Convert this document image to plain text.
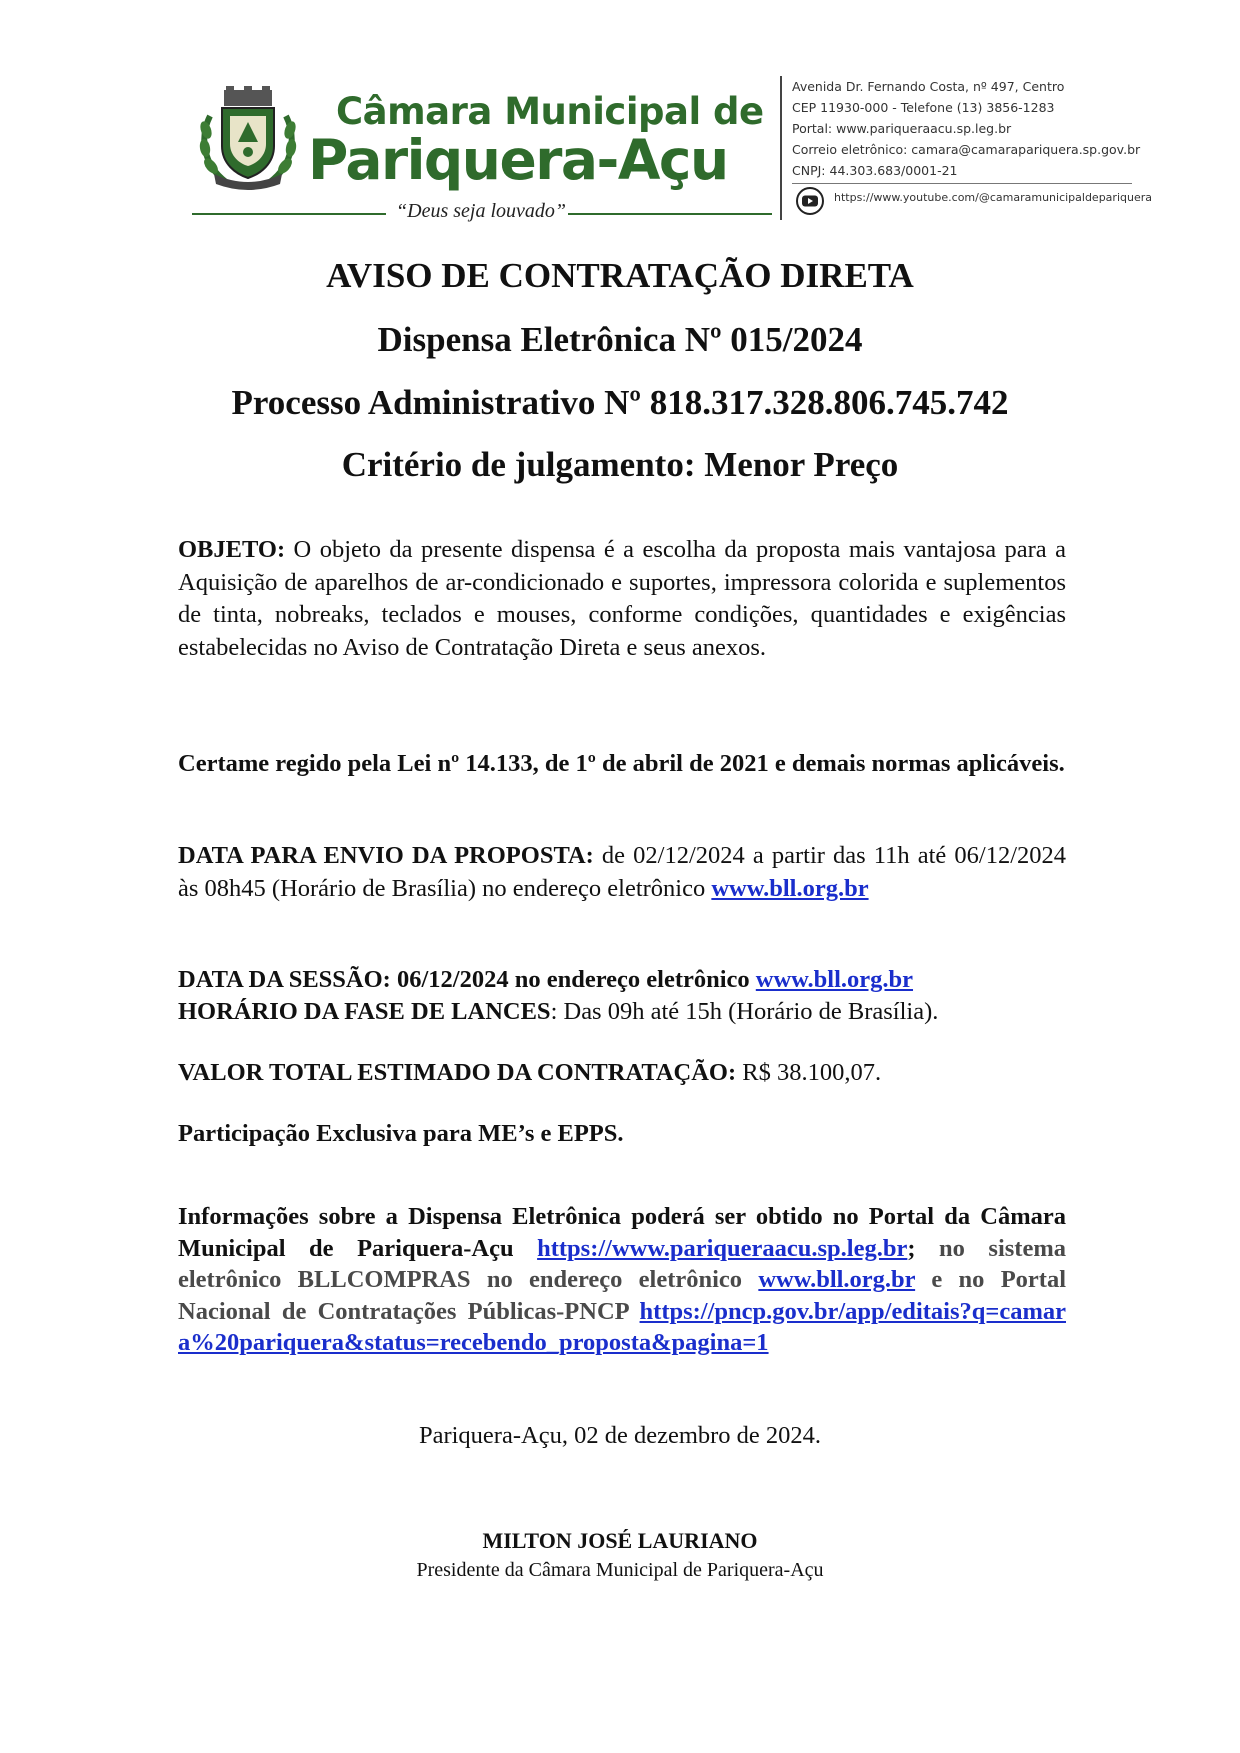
Câmara Municipal de
Pariquera-Açu
“Deus seja louvado”
Avenida Dr. Fernando Costa, nº 497, Centro
CEP 11930-000 - Telefone (13) 3856-1283
Portal: www.pariqueraacu.sp.leg.br
Correio eletrônico: camara@camarapariquera.sp.gov.br
CNPJ: 44.303.683/0001-21
https://www.youtube.com/@camaramunicipaldepariquera
AVISO DE CONTRATAÇÃO DIRETA
Dispensa Eletrônica Nº 015/2024
Processo Administrativo Nº 818.317.328.806.745.742
Critério de julgamento: Menor Preço
OBJETO: O objeto da presente dispensa é a escolha da proposta mais vantajosa para a Aquisição de aparelhos de ar-condicionado e suportes, impressora colorida e suplementos de tinta, nobreaks, teclados e mouses, conforme condições, quantidades e exigências estabelecidas no Aviso de Contratação Direta e seus anexos.
Certame regido pela Lei nº 14.133, de 1º de abril de 2021 e demais normas aplicáveis.
DATA PARA ENVIO DA PROPOSTA: de 02/12/2024 a partir das 11h até 06/12/2024 às 08h45 (Horário de Brasília) no endereço eletrônico www.bll.org.br
DATA DA SESSÃO: 06/12/2024 no endereço eletrônico www.bll.org.br
HORÁRIO DA FASE DE LANCES: Das 09h até 15h (Horário de Brasília).
VALOR TOTAL ESTIMADO DA CONTRATAÇÃO: R$ 38.100,07.
Participação Exclusiva para ME’s e EPPS.
Informações sobre a Dispensa Eletrônica poderá ser obtido no Portal da Câmara Municipal de Pariquera-Açu https://www.pariqueraacu.sp.leg.br; no sistema eletrônico BLLCOMPRAS no endereço eletrônico www.bll.org.br e no Portal Nacional de Contratações Públicas-PNCP https://pncp.gov.br/app/editais?q=camara%20pariquera&status=recebendo_proposta&pagina=1
Pariquera-Açu, 02 de dezembro de 2024.
MILTON JOSÉ LAURIANO
Presidente da Câmara Municipal de Pariquera-Açu
